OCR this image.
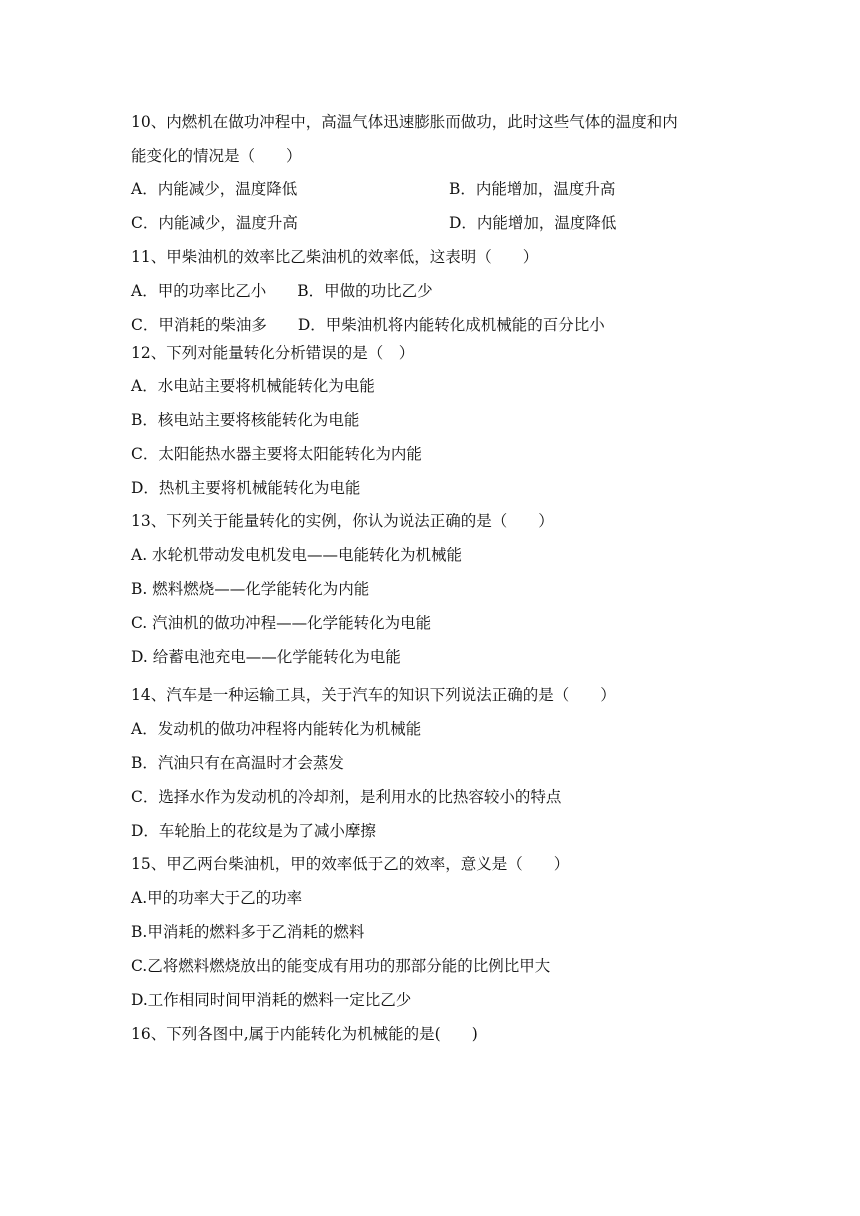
10、内燃机在做功冲程中，高温气体迅速膨胀而做功，此时这些气体的温度和内
能变化的情况是（　　）
A．内能减少，温度降低	B．内能增加，温度升高
C．内能减少，温度升高	D．内能增加，温度降低
11、甲柴油机的效率比乙柴油机的效率低，这表明（　　）
A．甲的功率比乙小　　B．甲做的功比乙少
C．甲消耗的柴油多　　D．甲柴油机将内能转化成机械能的百分比小
12、下列对能量转化分析错误的是（　）
A．水电站主要将机械能转化为电能
B．核电站主要将核能转化为电能
C．太阳能热水器主要将太阳能转化为内能
D．热机主要将机械能转化为电能
13、下列关于能量转化的实例，你认为说法正确的是（　　）
A. 水轮机带动发电机发电——电能转化为机械能
B. 燃料燃烧——化学能转化为内能
C. 汽油机的做功冲程——化学能转化为电能
D. 给蓄电池充电——化学能转化为电能
14、汽车是一种运输工具，关于汽车的知识下列说法正确的是（　　）
A．发动机的做功冲程将内能转化为机械能
B．汽油只有在高温时才会蒸发
C．选择水作为发动机的冷却剂，是利用水的比热容较小的特点
D．车轮胎上的花纹是为了减小摩擦
15、甲乙两台柴油机，甲的效率低于乙的效率，意义是（　　）
A.甲的功率大于乙的功率
B.甲消耗的燃料多于乙消耗的燃料
C.乙将燃料燃烧放出的能变成有用功的那部分能的比例比甲大
D.工作相同时间甲消耗的燃料一定比乙少
16、下列各图中,属于内能转化为机械能的是(　　)
